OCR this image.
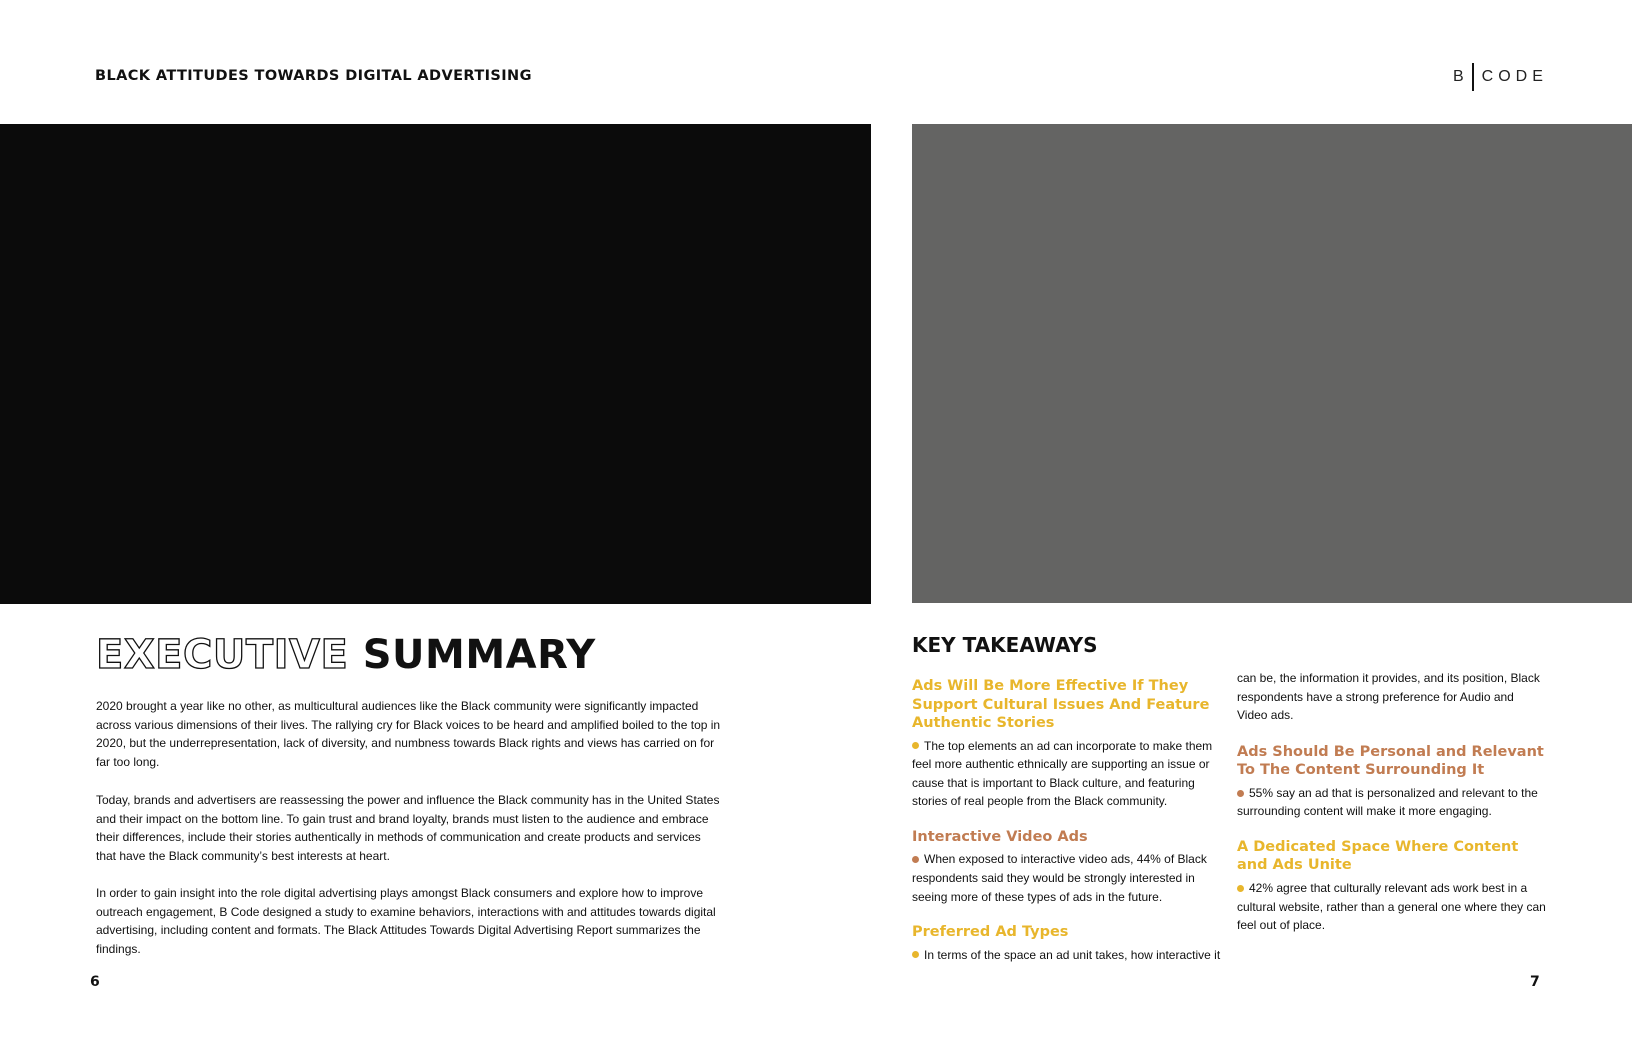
BLACK ATTITUDES TOWARDS DIGITAL ADVERTISING	B CODE
EXECUTIVE SUMMARY
2020 brought a year like no other, as multicultural audiences like the Black community were significantly impacted across various dimensions of their lives. The rallying cry for Black voices to be heard and amplified boiled to the top in 2020, but the underrepresentation, lack of diversity, and numbness towards Black rights and views has carried on for far too long.
Today, brands and advertisers are reassessing the power and influence the Black community has in the United States and their impact on the bottom line. To gain trust and brand loyalty, brands must listen to the audience and embrace their differences, include their stories authentically in methods of communication and create products and services that have the Black community’s best interests at heart.
In order to gain insight into the role digital advertising plays amongst Black consumers and explore how to improve outreach engagement, B Code designed a study to examine behaviors, interactions with and attitudes towards digital advertising, including content and formats. The Black Attitudes Towards Digital Advertising Report summarizes the findings.
6
KEY TAKEAWAYS

Ads Will Be More Effective If They Support Cultural Issues And Feature Authentic Stories

The top elements an ad can incorporate to make them feel more authentic ethnically are supporting an issue or cause that is important to Black culture, and featuring stories of real people from the Black community.

Interactive Video Ads

When exposed to interactive video ads, 44% of Black respondents said they would be strongly interested in seeing more of these types of ads in the future.

Preferred Ad Types

In terms of the space an ad unit takes, how interactive it

can be, the information it provides, and its position, Black respondents have a strong preference for Audio and Video ads.

Ads Should Be Personal and Relevant To The Content Surrounding It

55% say an ad that is personalized and relevant to the surrounding content will make it more engaging.

A Dedicated Space Where Content and Ads Unite

42% agree that culturally relevant ads work best in a cultural website, rather than a general one where they can feel out of place.

7
